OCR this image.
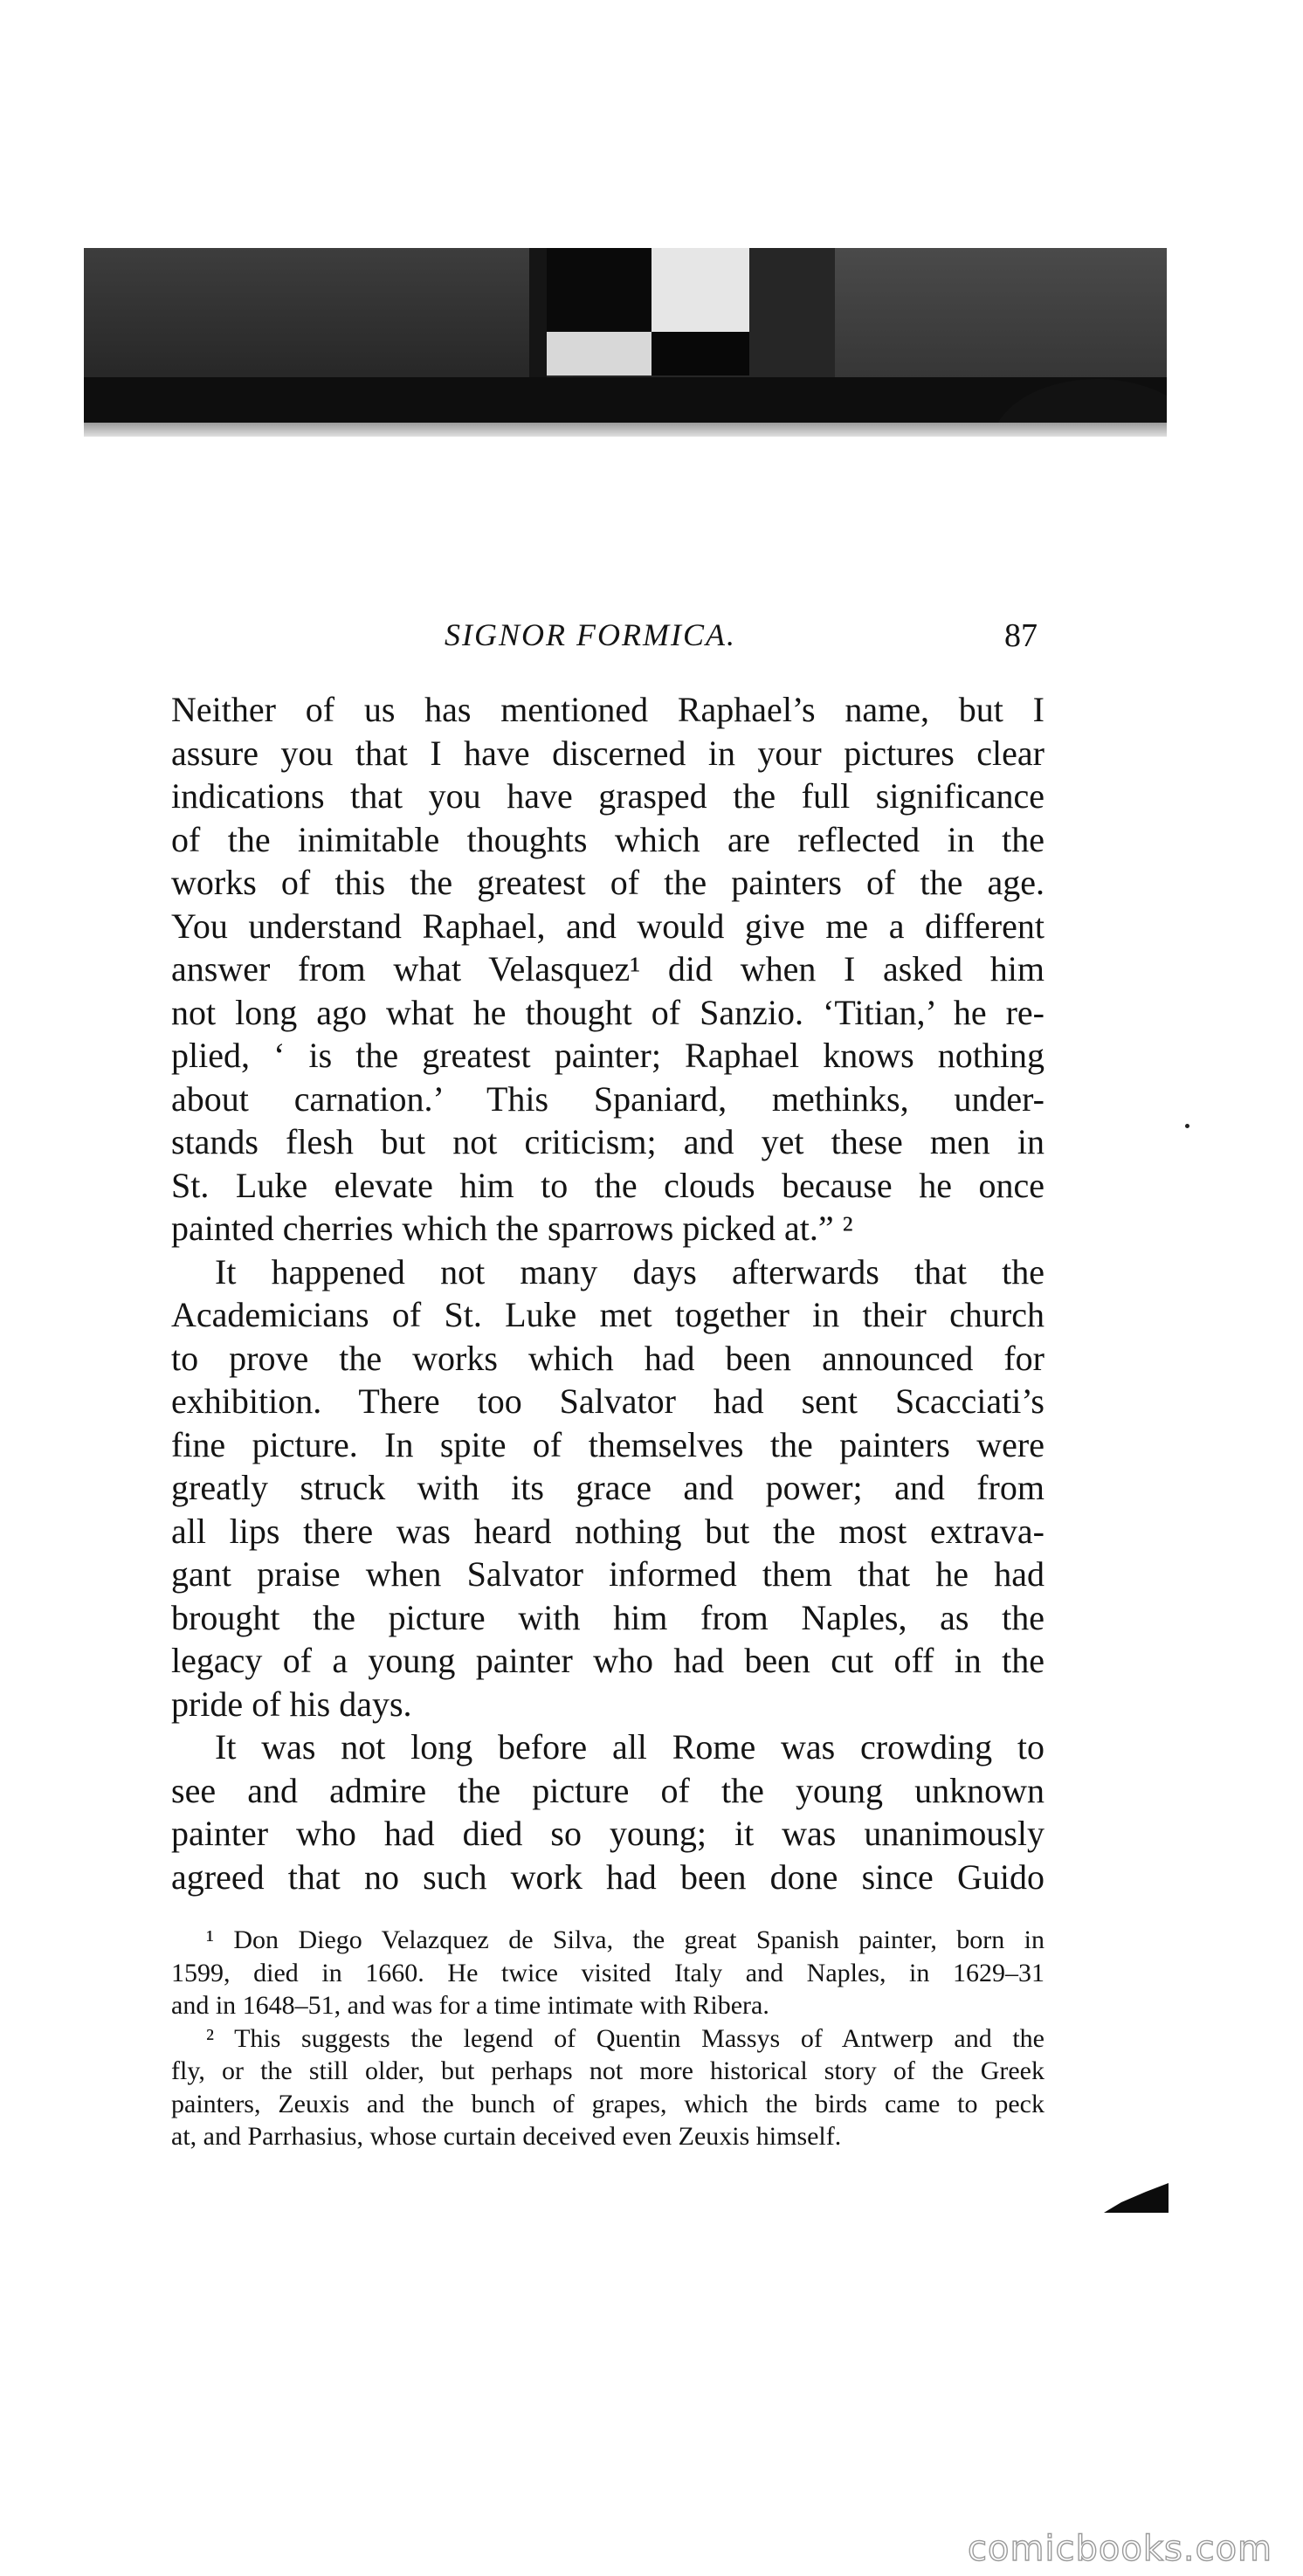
SIGNOR FORMICA.	87
Neither of us has mentioned Raphael’s name, but I
assure you that I have discerned in your pictures clear
indications that you have grasped the full significance
of the inimitable thoughts which are reflected in the
works of this the greatest of the painters of the age.
You understand Raphael, and would give me a different
answer from what Velasquez¹ did when I asked him
not long ago what he thought of Sanzio. ‘Titian,’ he re-
plied, ‘ is the greatest painter; Raphael knows nothing
about carnation.’ This Spaniard, methinks, under-
stands flesh but not criticism; and yet these men in
St. Luke elevate him to the clouds because he once
painted cherries which the sparrows picked at.” ²
It happened not many days afterwards that the
Academicians of St. Luke met together in their church
to prove the works which had been announced for
exhibition. There too Salvator had sent Scacciati’s
fine picture. In spite of themselves the painters were
greatly struck with its grace and power; and from
all lips there was heard nothing but the most extrava-
gant praise when Salvator informed them that he had
brought the picture with him from Naples, as the
legacy of a young painter who had been cut off in the
pride of his days.
It was not long before all Rome was crowding to
see and admire the picture of the young unknown
painter who had died so young; it was unanimously
agreed that no such work had been done since Guido
¹ Don Diego Velazquez de Silva, the great Spanish painter, born in
1599, died in 1660. He twice visited Italy and Naples, in 1629–31
and in 1648–51, and was for a time intimate with Ribera.
² This suggests the legend of Quentin Massys of Antwerp and the
fly, or the still older, but perhaps not more historical story of the Greek
painters, Zeuxis and the bunch of grapes, which the birds came to peck
at, and Parrhasius, whose curtain deceived even Zeuxis himself.
comicbooks.com
